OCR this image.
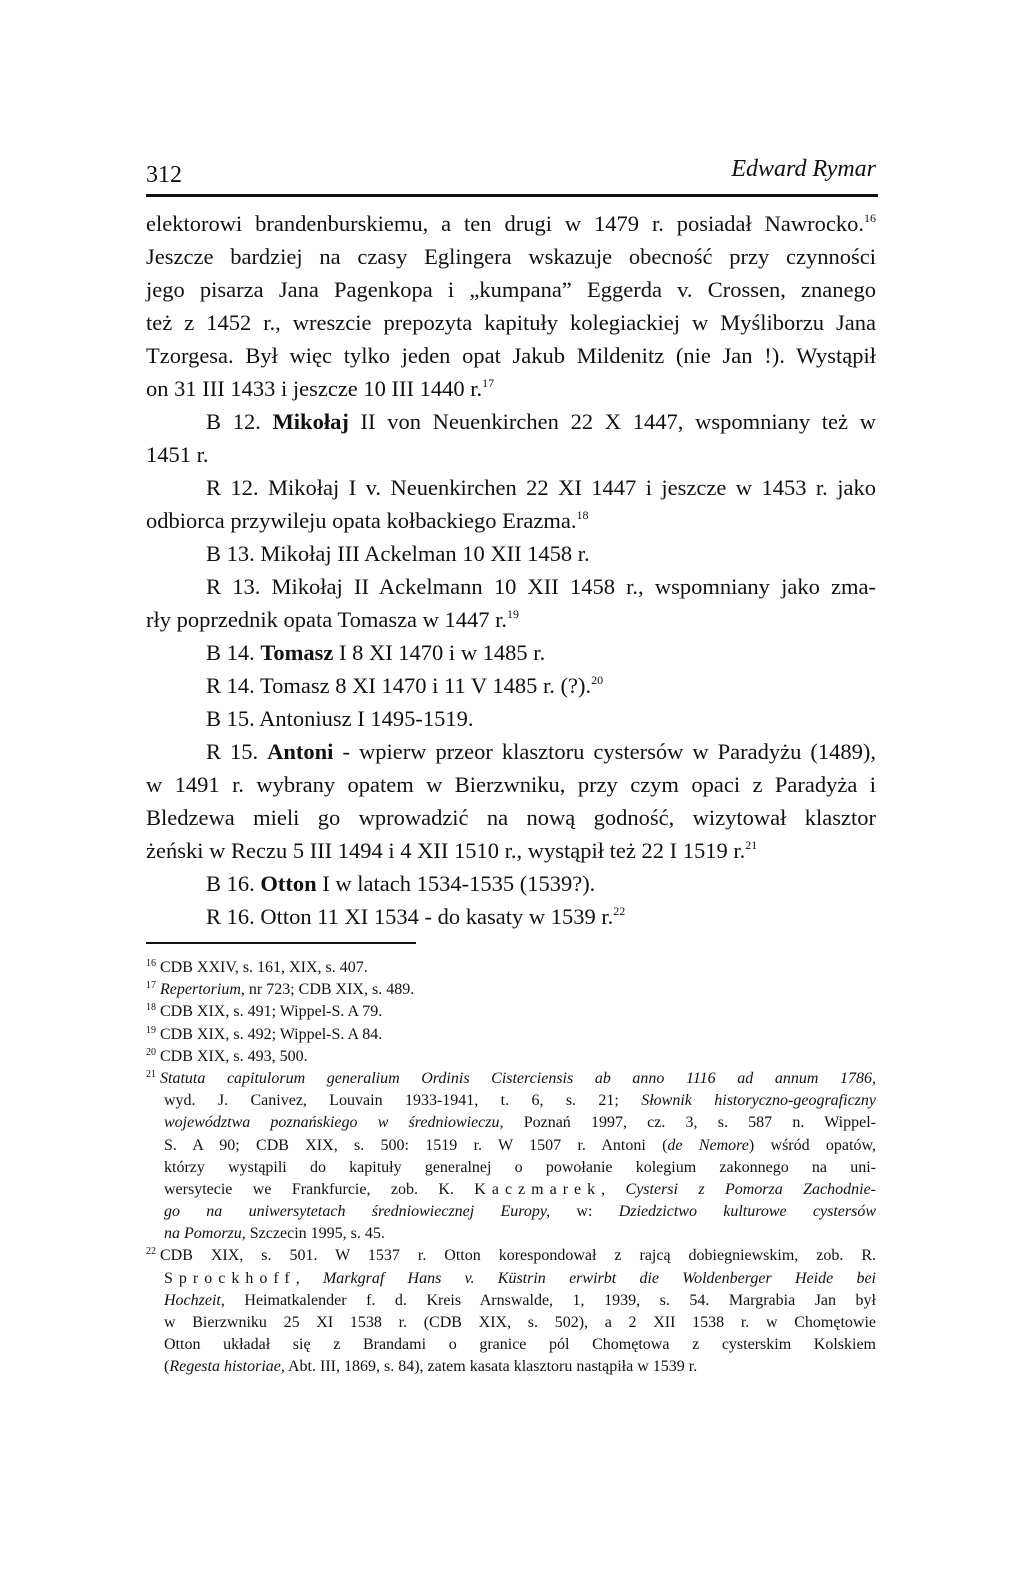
312	Edward Rymar
elektorowi brandenburskiemu, a ten drugi w 1479 r. posiadał Nawrocko.$^{16}$
Jeszcze bardziej na czasy Eglingera wskazuje obecność przy czynności
jego pisarza Jana Pagenkopa i „kumpana” Eggerda v. Crossen, znanego
też z 1452 r., wreszcie prepozyta kapituły kolegiackiej w Myśliborzu Jana
Tzorgesa. Był więc tylko jeden opat Jakub Mildenitz (nie Jan !). Wystąpił
on 31 III 1433 i jeszcze 10 III 1440 r.$^{17}$
B 12. Mikołaj II von Neuenkirchen 22 X 1447, wspomniany też w
1451 r.
R 12. Mikołaj I v. Neuenkirchen 22 XI 1447 i jeszcze w 1453 r. jako
odbiorca przywileju opata kołbackiego Erazma.$^{18}$
B 13. Mikołaj III Ackelman 10 XII 1458 r.
R 13. Mikołaj II Ackelmann 10 XII 1458 r., wspomniany jako zma-
rły poprzednik opata Tomasza w 1447 r.$^{19}$
B 14. Tomasz I 8 XI 1470 i w 1485 r.
R 14. Tomasz 8 XI 1470 i 11 V 1485 r. (?).$^{20}$
B 15. Antoniusz I 1495-1519.
R 15. Antoni - wpierw przeor klasztoru cystersów w Paradyżu (1489),
w 1491 r. wybrany opatem w Bierzwniku, przy czym opaci z Paradyża i
Bledzewa mieli go wprowadzić na nową godność, wizytował klasztor
żeński w Reczu 5 III 1494 i 4 XII 1510 r., wystąpił też 22 I 1519 r.$^{21}$
B 16. Otton I w latach 1534-1535 (1539?).
R 16. Otton 11 XI 1534 - do kasaty w 1539 r.$^{22}$
$^{16}$ CDB XXIV, s. 161, XIX, s. 407.
$^{17}$ Repertorium, nr 723; CDB XIX, s. 489.
$^{18}$ CDB XIX, s. 491; Wippel-S. A 79.
$^{19}$ CDB XIX, s. 492; Wippel-S. A 84.
$^{20}$ CDB XIX, s. 493, 500.
$^{21}$ Statuta capitulorum generalium Ordinis Cisterciensis ab anno 1116 ad annum 1786,
wyd. J. Canivez, Louvain 1933-1941, t. 6, s. 21; Słownik historyczno-geograficzny
województwa poznańskiego w średniowieczu, Poznań 1997, cz. 3, s. 587 n. Wippel-
S. A 90; CDB XIX, s. 500: 1519 r. W 1507 r. Antoni (de Nemore) wśród opatów,
którzy wystąpili do kapituły generalnej o powołanie kolegium zakonnego na uni-
wersytecie we Frankfurcie, zob. K. Kaczmarek, Cystersi z Pomorza Zachodnie-
go na uniwersytetach średniowiecznej Europy, w: Dziedzictwo kulturowe cystersów
na Pomorzu, Szczecin 1995, s. 45.
$^{22}$ CDB XIX, s. 501. W 1537 r. Otton korespondował z rajcą dobiegniewskim, zob. R.
Sprockhoff, Markgraf Hans v. Küstrin erwirbt die Woldenberger Heide bei
Hochzeit, Heimatkalender f. d. Kreis Arnswalde, 1, 1939, s. 54. Margrabia Jan był
w Bierzwniku 25 XI 1538 r. (CDB XIX, s. 502), a 2 XII 1538 r. w Chomętowie
Otton układał się z Brandami o granice pól Chomętowa z cysterskim Kolskiem
(Regesta historiae, Abt. III, 1869, s. 84), zatem kasata klasztoru nastąpiła w 1539 r.
